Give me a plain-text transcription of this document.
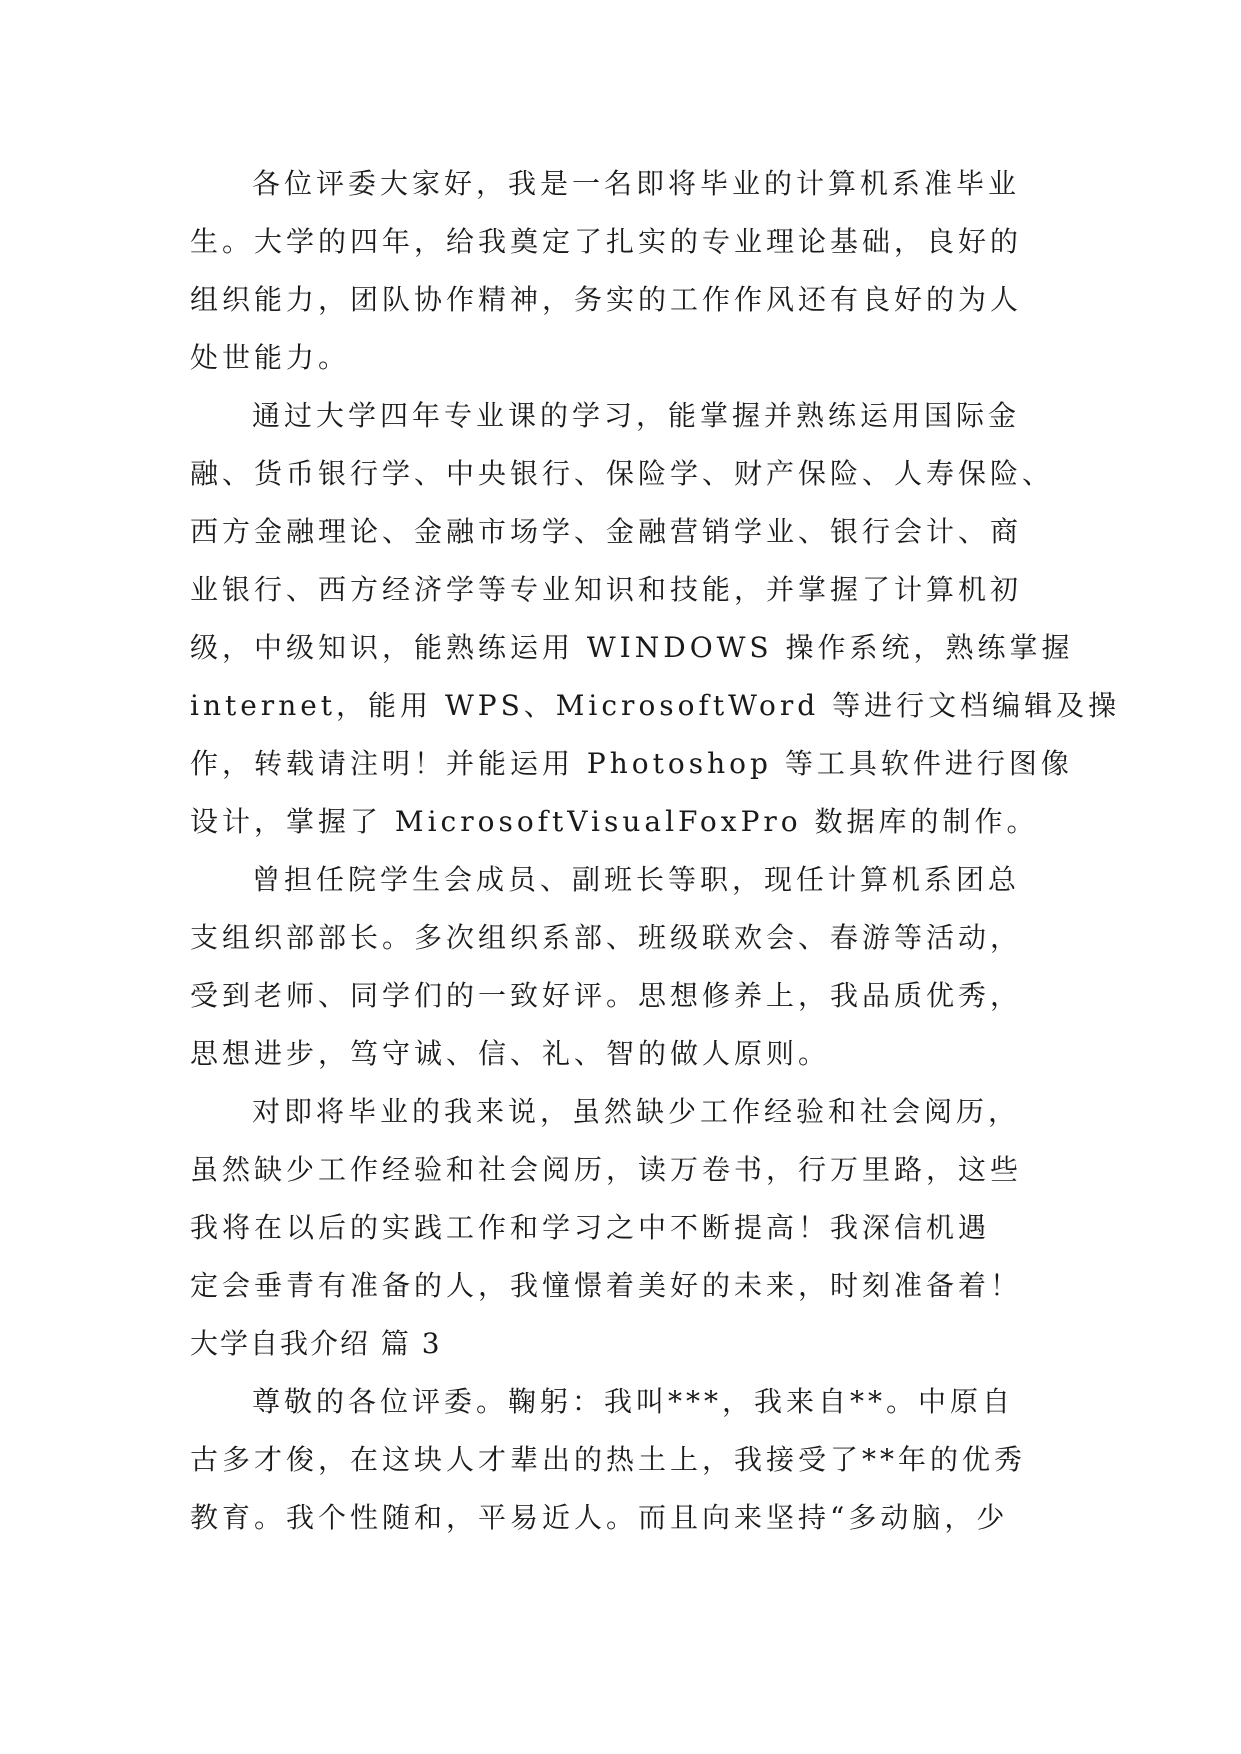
各位评委大家好，我是一名即将毕业的计算机系准毕业
生。大学的四年，给我奠定了扎实的专业理论基础，良好的
组织能力，团队协作精神，务实的工作作风还有良好的为人
处世能力。
通过大学四年专业课的学习，能掌握并熟练运用国际金
融、货币银行学、中央银行、保险学、财产保险、人寿保险、
西方金融理论、金融市场学、金融营销学业、银行会计、商
业银行、西方经济学等专业知识和技能，并掌握了计算机初
级，中级知识，能熟练运用 WINDOWS 操作系统，熟练掌握
internet，能用 WPS、MicrosoftWord 等进行文档编辑及操
作，转载请注明！并能运用 Photoshop 等工具软件进行图像
设计，掌握了 MicrosoftVisualFoxPro 数据库的制作。
曾担任院学生会成员、副班长等职，现任计算机系团总
支组织部部长。多次组织系部、班级联欢会、春游等活动，
受到老师、同学们的一致好评。思想修养上，我品质优秀，
思想进步，笃守诚、信、礼、智的做人原则。
对即将毕业的我来说，虽然缺少工作经验和社会阅历，
虽然缺少工作经验和社会阅历，读万卷书，行万里路，这些
我将在以后的实践工作和学习之中不断提高！我深信机遇
定会垂青有准备的人，我憧憬着美好的未来，时刻准备着！
大学自我介绍 篇 3
尊敬的各位评委。鞠躬：我叫***，我来自**。中原自
古多才俊，在这块人才辈出的热土上，我接受了**年的优秀
教育。我个性随和，平易近人。而且向来坚持“多动脑，少
